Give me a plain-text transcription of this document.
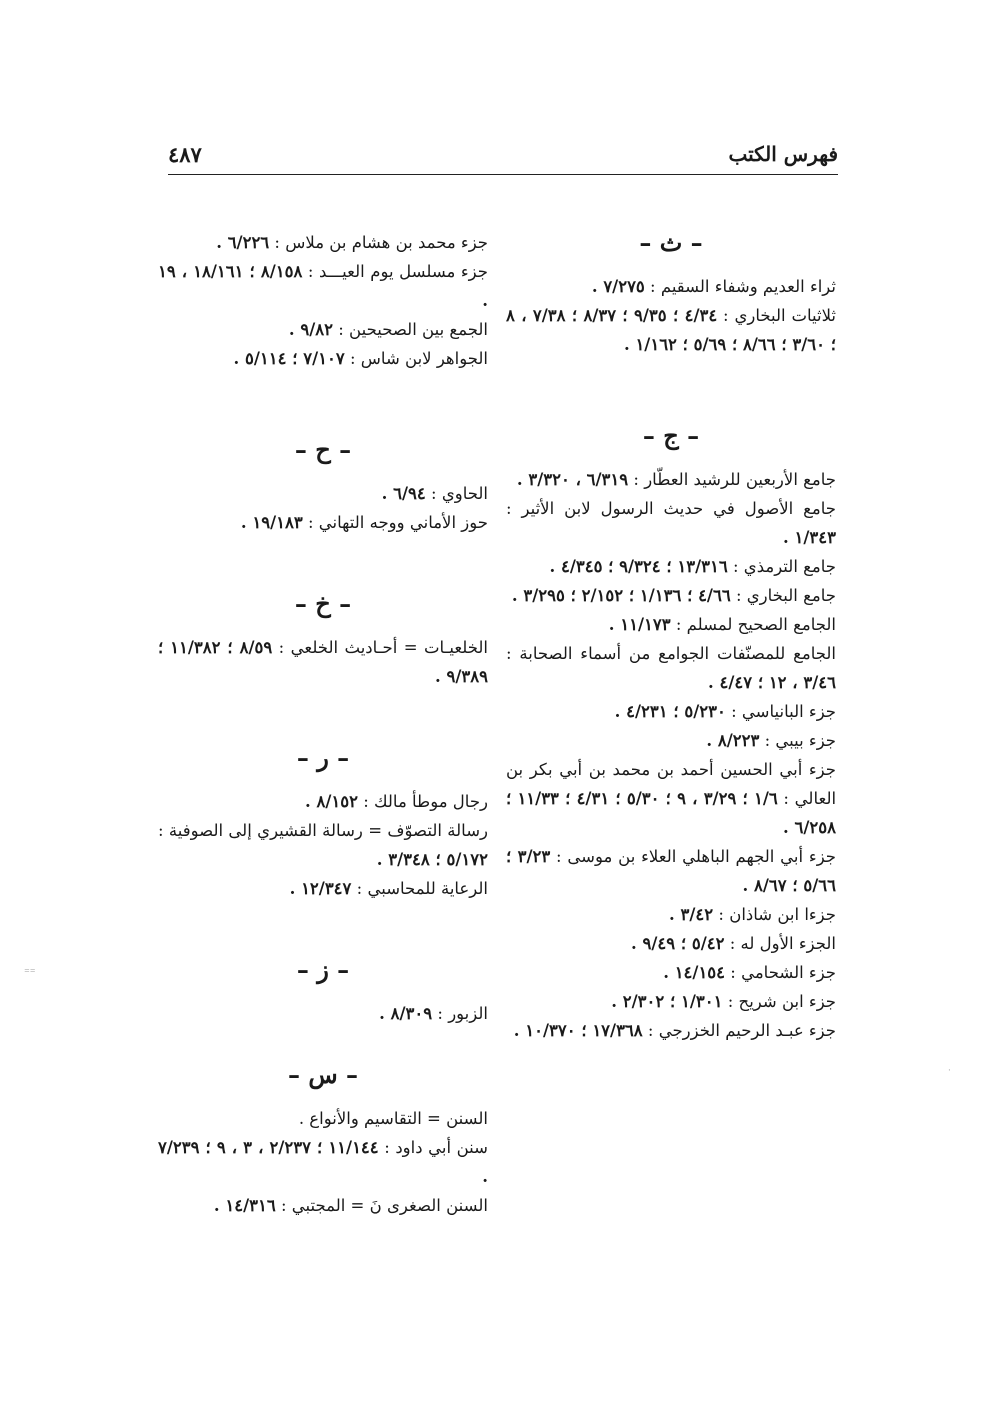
فهرس الكتب
٤٨٧
– ث –
ثراء العديم وشفاء السقيم : ٧/٢٧٥ .
ثلاثيات البخاري : ٤/٣٤ ؛ ٩/٣٥ ؛ ٨/٣٧ ؛ ٧/٣٨ ، ٨ ؛ ٣/٦٠ ؛ ٨/٦٦ ؛ ٥/٦٩ ؛ ١/١٦٢ .
– ج –
جامع الأربعين للرشيد العطّار : ٦/٣١٩ ، ٣/٣٢٠ .
جامع الأصول في حديث الرسول لابن الأثير : ١/٣٤٣ .
جامع الترمذي : ١٣/٣١٦ ؛ ٩/٣٢٤ ؛ ٤/٣٤٥ .
جامع البخاري : ٤/٦٦ ؛ ١/١٣٦ ؛ ٢/١٥٢ ؛ ٣/٢٩٥ .
الجامع الصحيح لمسلم : ١١/١٧٣ .
الجامع للمصنّفات الجوامع من أسماء الصحابة : ٣/٤٦ ، ١٢ ؛ ٤/٤٧ .
جزء البانياسي : ٥/٢٣٠ ؛ ٤/٢٣١ .
جزء بيبي : ٨/٢٢٣ .
جزء أبي الحسين أحمد بن محمد بن أبي بكر بن العالي : ١/٦ ؛ ٣/٢٩ ، ٩ ؛ ٥/٣٠ ؛ ٤/٣١ ؛ ١١/٣٣ ؛ ٦/٢٥٨ .
جزء أبي الجهم الباهلي العلاء بن موسى : ٣/٢٣ ؛ ٥/٦٦ ؛ ٨/٦٧ .
جزءا ابن شاذان : ٣/٤٢ .
الجزء الأول له : ٥/٤٢ ؛ ٩/٤٩ .
جزء الشحامي : ١٤/١٥٤ .
جزء ابن شريح : ١/٣٠١ ؛ ٢/٣٠٢ .
جزء عبـد الرحيم الخزرجي : ١٧/٣٦٨ ؛ ١٠/٣٧٠ .
جزء محمد بن هشام بن ملاس : ٦/٢٢٦ .
جزء مسلسل يوم العيـــد : ٨/١٥٨ ؛ ١٨/١٦١ ، ١٩ .
الجمع بين الصحيحين : ٩/٨٢ .
الجواهر لابن شاس : ٧/١٠٧ ؛ ٥/١١٤ .
– ح –
الحاوي : ٦/٩٤ .
حوز الأماني ووجه التهاني : ١٩/١٨٣ .
– خ –
الخلعيـات = أحـاديث الخلعي : ٨/٥٩ ؛ ١١/٣٨٢ ؛ ٩/٣٨٩ .
– ر –
رجال موطأ مالك : ٨/١٥٢ .
رسالة التصوّف = رسالة القشيري إلى الصوفية : ٥/١٧٢ ؛ ٣/٣٤٨ .
الرعاية للمحاسبي : ١٢/٣٤٧ .
– ز –
الزبور : ٨/٣٠٩ .
– س –
السنن = التقاسيم والأنواع .
سنن أبي داود : ١١/١٤٤ ؛ ٢/٢٣٧ ، ٣ ، ٩ ؛ ٧/٢٣٩ .
السنن الصغرى نَ = المجتبي : ١٤/٣١٦ .
⁼⁼
·
